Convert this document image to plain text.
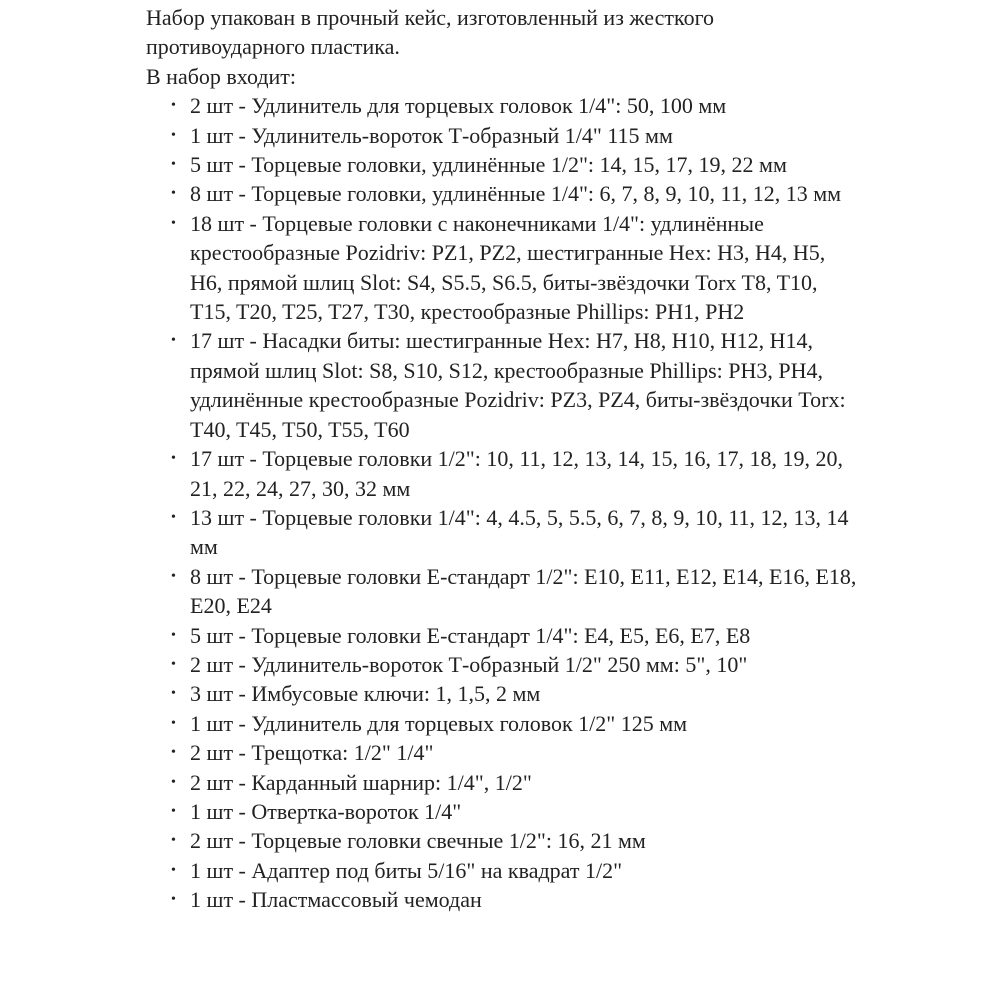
Набор упакован в прочный кейс, изготовленный из жесткого

противоударного пластика.

В набор входит:

• 2 шт - Удлинитель для торцевых головок 1/4": 50, 100 мм
• 1 шт - Удлинитель-вороток Т-образный 1/4" 115 мм
• 5 шт - Торцевые головки, удлинённые 1/2": 14, 15, 17, 19, 22 мм
• 8 шт - Торцевые головки, удлинённые 1/4": 6, 7, 8, 9, 10, 11, 12, 13 мм
• 18 шт - Торцевые головки с наконечниками 1/4": удлинённые крестообразные Pozidriv: PZ1, PZ2, шестигранные Hex: H3, H4, H5, H6, прямой шлиц Slot: S4, S5.5, S6.5, биты-звёздочки Torx T8, T10, T15, T20, T25, T27, T30, крестообразные Phillips: PH1, PH2
• 17 шт - Насадки биты: шестигранные Hex: H7, H8, H10, H12, H14, прямой шлиц Slot: S8, S10, S12, крестообразные Phillips: PH3, PH4, удлинённые крестообразные Pozidriv: PZ3, PZ4, биты-звёздочки Torx: T40, T45, T50, T55, T60
• 17 шт - Торцевые головки 1/2": 10, 11, 12, 13, 14, 15, 16, 17, 18, 19, 20, 21, 22, 24, 27, 30, 32 мм
• 13 шт - Торцевые головки 1/4": 4, 4.5, 5, 5.5, 6, 7, 8, 9, 10, 11, 12, 13, 14 мм
• 8 шт - Торцевые головки Е-стандарт 1/2": E10, E11, E12, E14, E16, E18, E20, E24
• 5 шт - Торцевые головки Е-стандарт 1/4": E4, E5, E6, E7, E8
• 2 шт - Удлинитель-вороток Т-образный 1/2" 250 мм: 5", 10"
• 3 шт - Имбусовые ключи: 1, 1,5, 2 мм
• 1 шт - Удлинитель для торцевых головок 1/2" 125 мм
• 2 шт - Трещотка: 1/2" 1/4"
• 2 шт - Карданный шарнир: 1/4", 1/2"
• 1 шт - Отвертка-вороток 1/4"
• 2 шт - Торцевые головки свечные 1/2": 16, 21 мм
• 1 шт - Адаптер под биты 5/16" на квадрат 1/2"
• 1 шт - Пластмассовый чемодан
